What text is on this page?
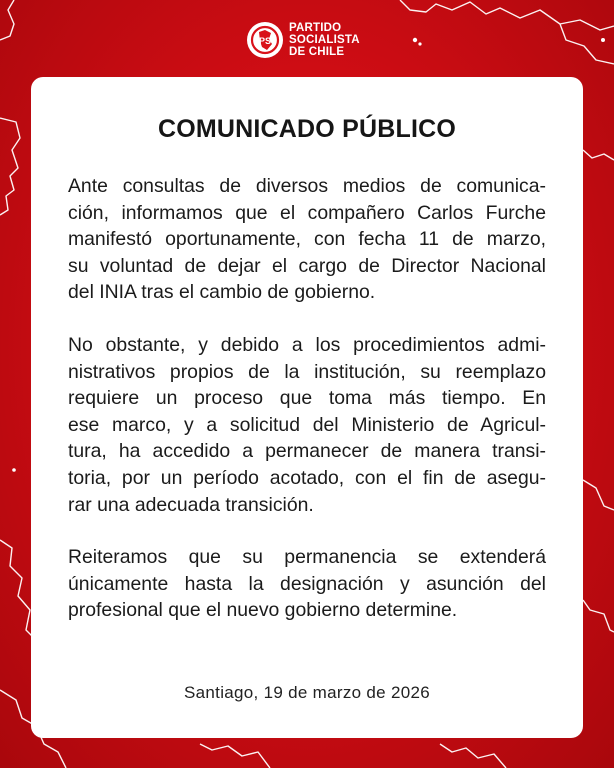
PS
PARTIDO
SOCIALISTA
DE CHILE
COMUNICADO PÚBLICO
Ante consultas de diversos medios de comunica-
ción, informamos que el compañero Carlos Furche
manifestó oportunamente, con fecha 11 de marzo,
su voluntad de dejar el cargo de Director Nacional
del INIA tras el cambio de gobierno.
No obstante, y debido a los procedimientos admi-
nistrativos propios de la institución, su reemplazo
requiere un proceso que toma más tiempo. En
ese marco, y a solicitud del Ministerio de Agricul-
tura, ha accedido a permanecer de manera transi-
toria, por un período acotado, con el fin de asegu-
rar una adecuada transición.
Reiteramos que su permanencia se extenderá
únicamente hasta la designación y asunción del
profesional que el nuevo gobierno determine.
Santiago, 19 de marzo de 2026
